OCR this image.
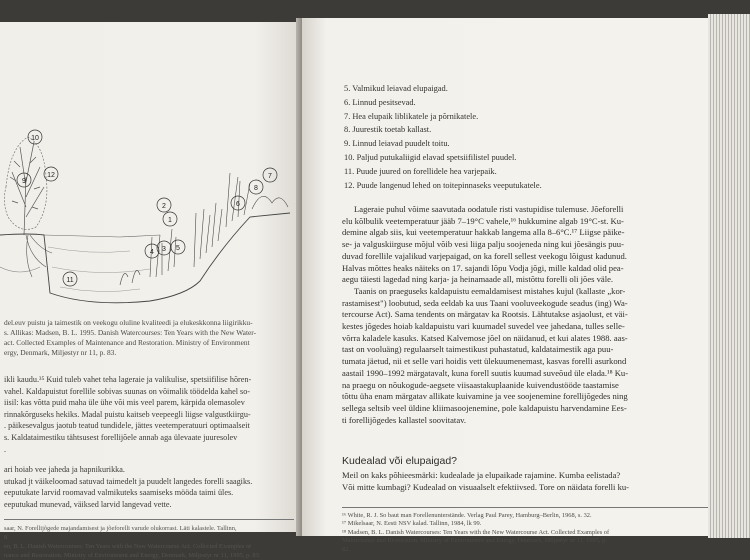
10
9
12
11
2
1
4 3 5
7
8
6
del.euv puistu ja taimestik on veekogu oluline kvaliteedi ja elukeskkonna liigirikku-
s. Allikas: Madsen, B. L. 1995. Danish Watercourses: Ten Years with the New Water-
act. Collected Examples of Maintenance and Restoration. Ministry of Environment
ergy, Denmark, Miljøstyr nr 11, p. 83.

ikli kaudu.³⁵ Kuid tuleb vahet teha lageraie ja valikulise, spetsiifilise hõren-
vahel. Kaldapuistut forellile sobivas suunas on võimalik töödelda kahel so-
iisil: kas võtta puid maha üle ühe või mis veel parem, kärpida olemasolev
rinnakõrguseks hekiks. Madal puistu kaitseb veepeegli liigse valgustkiirgu-
. päikesevalgus jaotub teatud tundidele, jättes veetemperatuuri optimaalseit
s. Kaldataimestiku tähtsusest forellijõele annab aga ülevaate juuresolev
.

ari hoiab vee jaheda ja hapnikurikka.
utukad jt väikeloomad satuvad taimedelt ja puudelt langedes forelli saagiks.
eeputukate larvid roomavad valmikuteks saamiseks mööda taimi üles.
eeputukad munevad, väiksed larvid langevad vette.

saar, N. Forellijõgede majandamisest ja jõeforelli varude olukorrast. Läti kalastele. Tallinn,
8.
en, B. L. Danish Watercourses: Ten Years with the New Watercourse Act. Collected Examples of
nance and Restoration. Ministry of Environment and Energy, Denmark, Miljøstyr nr 11, 1995, p. 83.
5. Valmikud leiavad elupaigad.
6. Linnud pesitsevad.
7. Hea elupaik liblikatele ja põrnikatele.
8. Juurestik toetab kallast.
9. Linnud leiavad puudelt toitu.
10. Paljud putukaliigid elavad spetsiifilistel puudel.
11. Puude juured on forellidele hea varjepaik.
12. Puude langenud lehed on toitepinnaseks veeputukatele.

Lageraie puhul võime saavutada oodatule risti vastupidise tulemuse. Jõeforelli
elu kõlbulik veetemperatuur jääb 7–19°C vahele,¹⁶ hukkumine algab 19°C-st. Ku-
demine algab siis, kui veetemperatuur hakkab langema alla 8–6°C.¹⁷ Liigse päike-
se- ja valguskiirguse mõjul võib vesi liiga palju soojeneda ning kui jõesängis puu-
duvad forellile vajalikud varjepaigad, on ka forell sellest veekogu lõigust kadunud.
Halvas mõttes heaks näiteks on 17. sajandi lõpu Vodja jõgi, mille kaldad olid pea-
aegu täiesti lagedad ning karja- ja heinamaade all, mistõttu forelli oli jões väle.

Taanis on praeguseks kaldapuistu eemaldamisest mistahes kujul (kallaste „kor-
rastamisest") loobutud, seda eeldab ka uus Taani vooluveekogude seadus (ing) Wa-
tercourse Act). Sama tendents on märgatav ka Rootsis. Lähtutakse asjaolust, et väi-
kestes jõgedes hoiab kaldapuistu vari kuumadel suvedel vee jahedana, tulles selle-
võrra kaladele kasuks. Katsed Kalvemose jõel on näidanud, et kui alates 1988. aas-
tast on vooluäng) regulaarselt taimestikust puhastatud, kaldataimestik aga puu-
tumata jäetud, nii et selle vari hoidis vett ülekuumenemast, kasvas forelli asurkond
aastail 1990–1992 märgatavalt, kuna forell suutis kuumad suveõud üle elada.¹⁸ Ku-
na praegu on nõukogude-aegsete viisaastakuplaanide kuivendustööde taastamise
tõttu üha enam märgatav allikate kuivamine ja vee soojenemine forellijõgedes ning
sellega seltsib veel üldine kliimasoojenemine, pole kaldapuistu harvendamine Ees-
ti forellijõgedes kallastel soovitatav.

Kudealad või elupaigad?
Meil on kaks põhieesmärki: kudealade ja elupaikade rajamine. Kumba eelistada?
Või mitte kumbagi? Kudealad on visuaalselt efektiivsed. Tore on näidata forelli ku-
¹⁶ White, R. J. So baut man Forellenunterstände. Verlag Paul Parey, Hamburg–Berlin, 1968, s. 32.
¹⁷ Mikelsaar, N. Eesti NSV kalad. Tallinn, 1984, lk 99.
¹⁸ Madsen, B. L. Danish Watercourses: Ten Years with the New Watercourse Act. Collected Examples of
Maintenance and Restoration. Ministry of Environment and Energy, Denmark, Miljøstyr nr 11, 1995, p.
82.
